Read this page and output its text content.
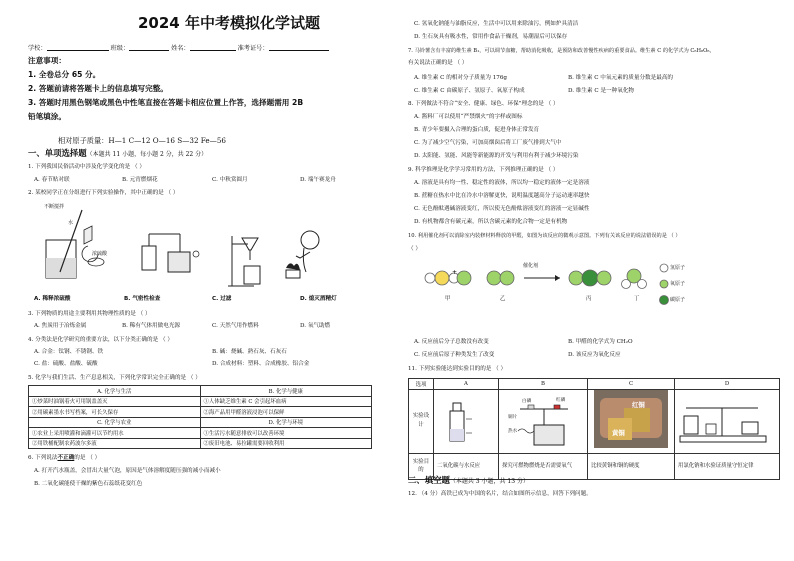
2024 年中考模拟化学试题
学校：	班级：	姓名：	准考证号：
注意事项：
1. 全卷总分 65 分。
2. 答题前请将答题卡上的信息填写完整。
3. 答题时用黑色钢笔或黑色中性笔直接在答题卡相应位置上作答，选择题需用 2B
铅笔填涂。
相对原子质量：H—1 C—12 O—16 S—32 Fe—56
一、单项选择题（本题共 11 小题，每小题 2 分，共 22 分）
1. 下列我国民俗活动中涉及化学变化的是 （ ）
A. 春节贴对联	B. 元宵燃烟花	C. 中秋赏圆月	D. 端午赛龙舟
2. 某校同学正在分组进行下列实验操作，其中正确的是 （ ）
不断搅拌
水
浓硫酸
A. 稀释浓硫酸	B. 气密性检查	C. 过滤	D. 熄灭酒精灯
3. 下列物质的用途主要利用其物理性质的是 （ ）
A. 焦炭用于冶炼金属	B. 稀有气体用做电光源	C. 天然气用作燃料	D. 氧气助燃
4. 分类法是化学研究的重要方法，以下分类正确的是 （ ）
A. 合金：钛钢、不锈钢、铁	B. 碱：烧碱、熟石灰、石灰石
C. 盐：硫酸、盐酸、硫酸	D. 合成材料：塑料、合成橡胶、铝合金
5. 化学与我们生活、生产息息相关，下列化学常识完全正确的是 （ ）
A. 化学与生活	B. 化学与健康
①炒菜时油锅着火可用锅盖盖灭	①人体缺乏维生素 C 会引起坏血病
②用碳素墨水书写档案，可长久保存	②海产品用甲醛溶液浸泡可以保鲜
C. 化学与农业	D. 化学与环境
①农业上采用喷灌和滴灌可以节约用水	①生活污水随意排放可以改善环境
②用铁桶配制农药波尔多液	②废旧电池、易拉罐需要回收利用
6. 下列说法不正确的是 （ ）
A. 打开汽水瓶盖，会冒出大量气泡，原因是气体溶解度随压强的减小而减小
B. 二氧化碳能使干燥的紫色石蕊纸花变红色
C. 氢氧化钠能与油脂反应，生活中可以用来除油污，例如炉具清洁
D. 生石灰具有吸水性，常用作食品干燥剂，易潮湿后可以保存
7. 马铃薯含有丰富的维生素 B₁，可以调节血糖，帮助消化吸收，是预防和改善慢性疾病的重要食品。维生素 C 的化学式为 C₆H₈O₆，
有关说法正确的是 （ ）
A. 维生素 C 的相对分子质量为 176g	B. 维生素 C 中氧元素的质量分数是最高的
C. 维生素 C 由碳原子、氢原子、氧原子构成	D. 维生素 C 是一种氧化物
8. 下列做法不符合“安全、健康、绿色、环保”理念的是 （ ）
A. 酱料厂可以使用“严禁烟火”的字样或图标
B. 青少年要摄入合理的蛋白质，促进身体正常发育
C. 为了减少空气污染，可加高烟囱后将工厂废气排到大气中
D. 太阳能、氢能、风能等新能源的开发与利用有利于减少环境污染
9. 科学推理是化学学习常用的方法，下列推理正确的是 （ ）
A. 溶液是具有均一性、稳定性的液体，所以均一稳定的液体一定是溶液
B. 蔗糖在热水中比在冷水中溶解更快，说明温度越高分子运动速率越快
C. 无色酚酞遇碱溶液变红，所以使无色酚酞溶液变红的溶液一定显碱性
D. 有机物都含有碳元素，所以含碳元素的化合物一定是有机物
10. 利用催化剂可以消除室内装修材料释放的甲醛，如图为该反应的微观示意图。下列有关该反应的说法错误的是 （ ）
（ ）
+
催化剂
甲	乙	丙	丁
氢原子
氧原子
碳原子
A. 反应前后分子总数没有改变	B. 甲醛的化学式为 CH₂O
C. 反应前后原子种类发生了改变	D. 该反应为氧化反应
11. 下列实验能达到实验目的的是 （ ）
选项	A	B	C	D
实验设计				
实验目的	二氧化碳与水反应	探究可燃物燃烧是否需要氧气	比较黄铜和铜的硬度	用氯化钠和水验证质量守恒定律
白磷	红磷
铜片
热水
红铜
黄铜
二、填空题（本题共 3 小题，共 13 分）
12. （4 分）高铁已成为中国的名片，结合如图所示信息，回答下列问题。
